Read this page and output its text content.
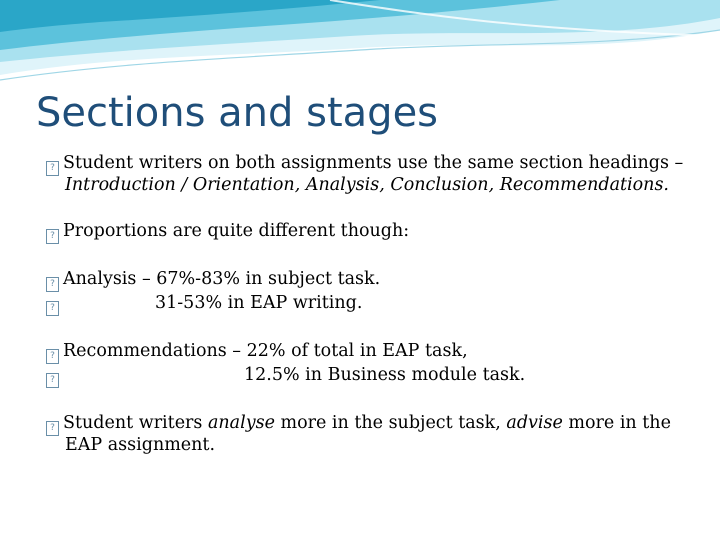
Sections and stages
? Student writers on both assignments use the same section headings –
Introduction / Orientation, Analysis, Conclusion, Recommendations.
? Proportions are quite different though:
? Analysis – 67%-83% in subject task.
?	31-53% in EAP writing.
? Recommendations – 22% of total in EAP task,
?	12.5% in Business module task.
? Student writers analyse more in the subject task, advise more in the
EAP assignment.
